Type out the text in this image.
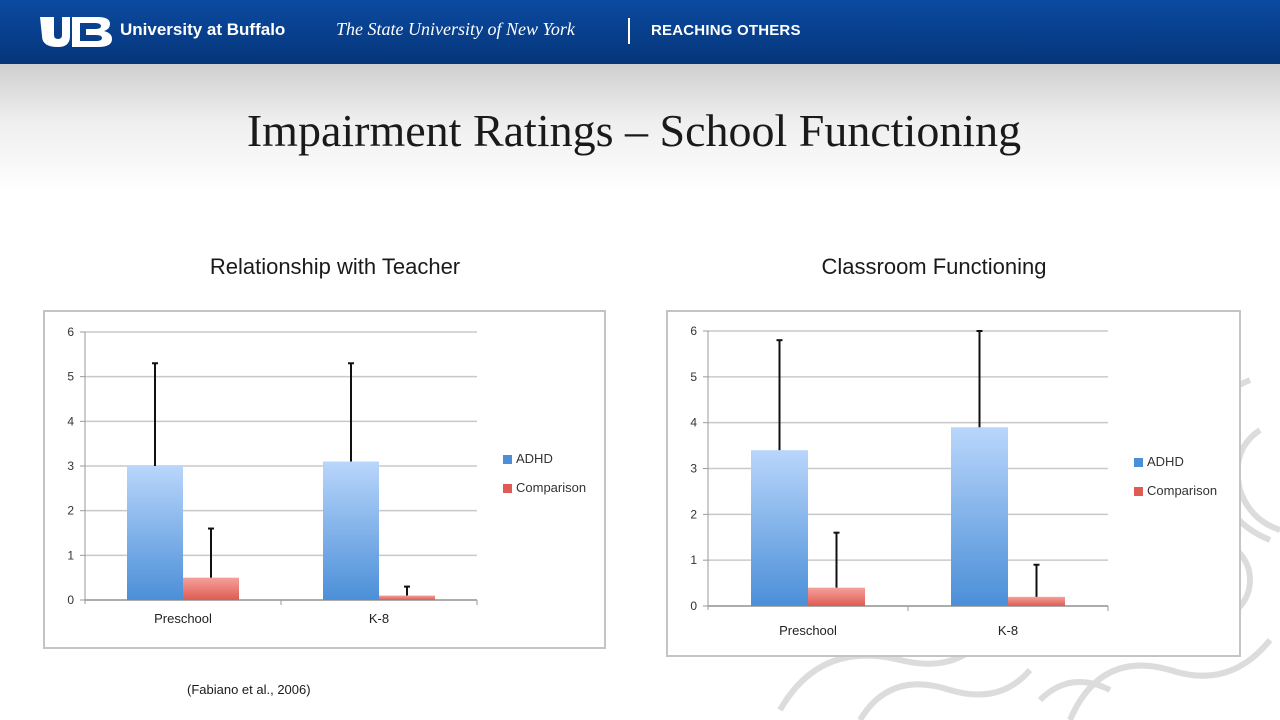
University at Buffalo	The State University of New York	REACHING OTHERS
Impairment Ratings – School Functioning
Relationship with Teacher	Classroom Functioning
0
1
2
3
4
5
6
Preschool	K-8
ADHD
Comparison
0
1
2
3
4
5
6
Preschool	K-8
ADHD
Comparison
(Fabiano et al., 2006)
